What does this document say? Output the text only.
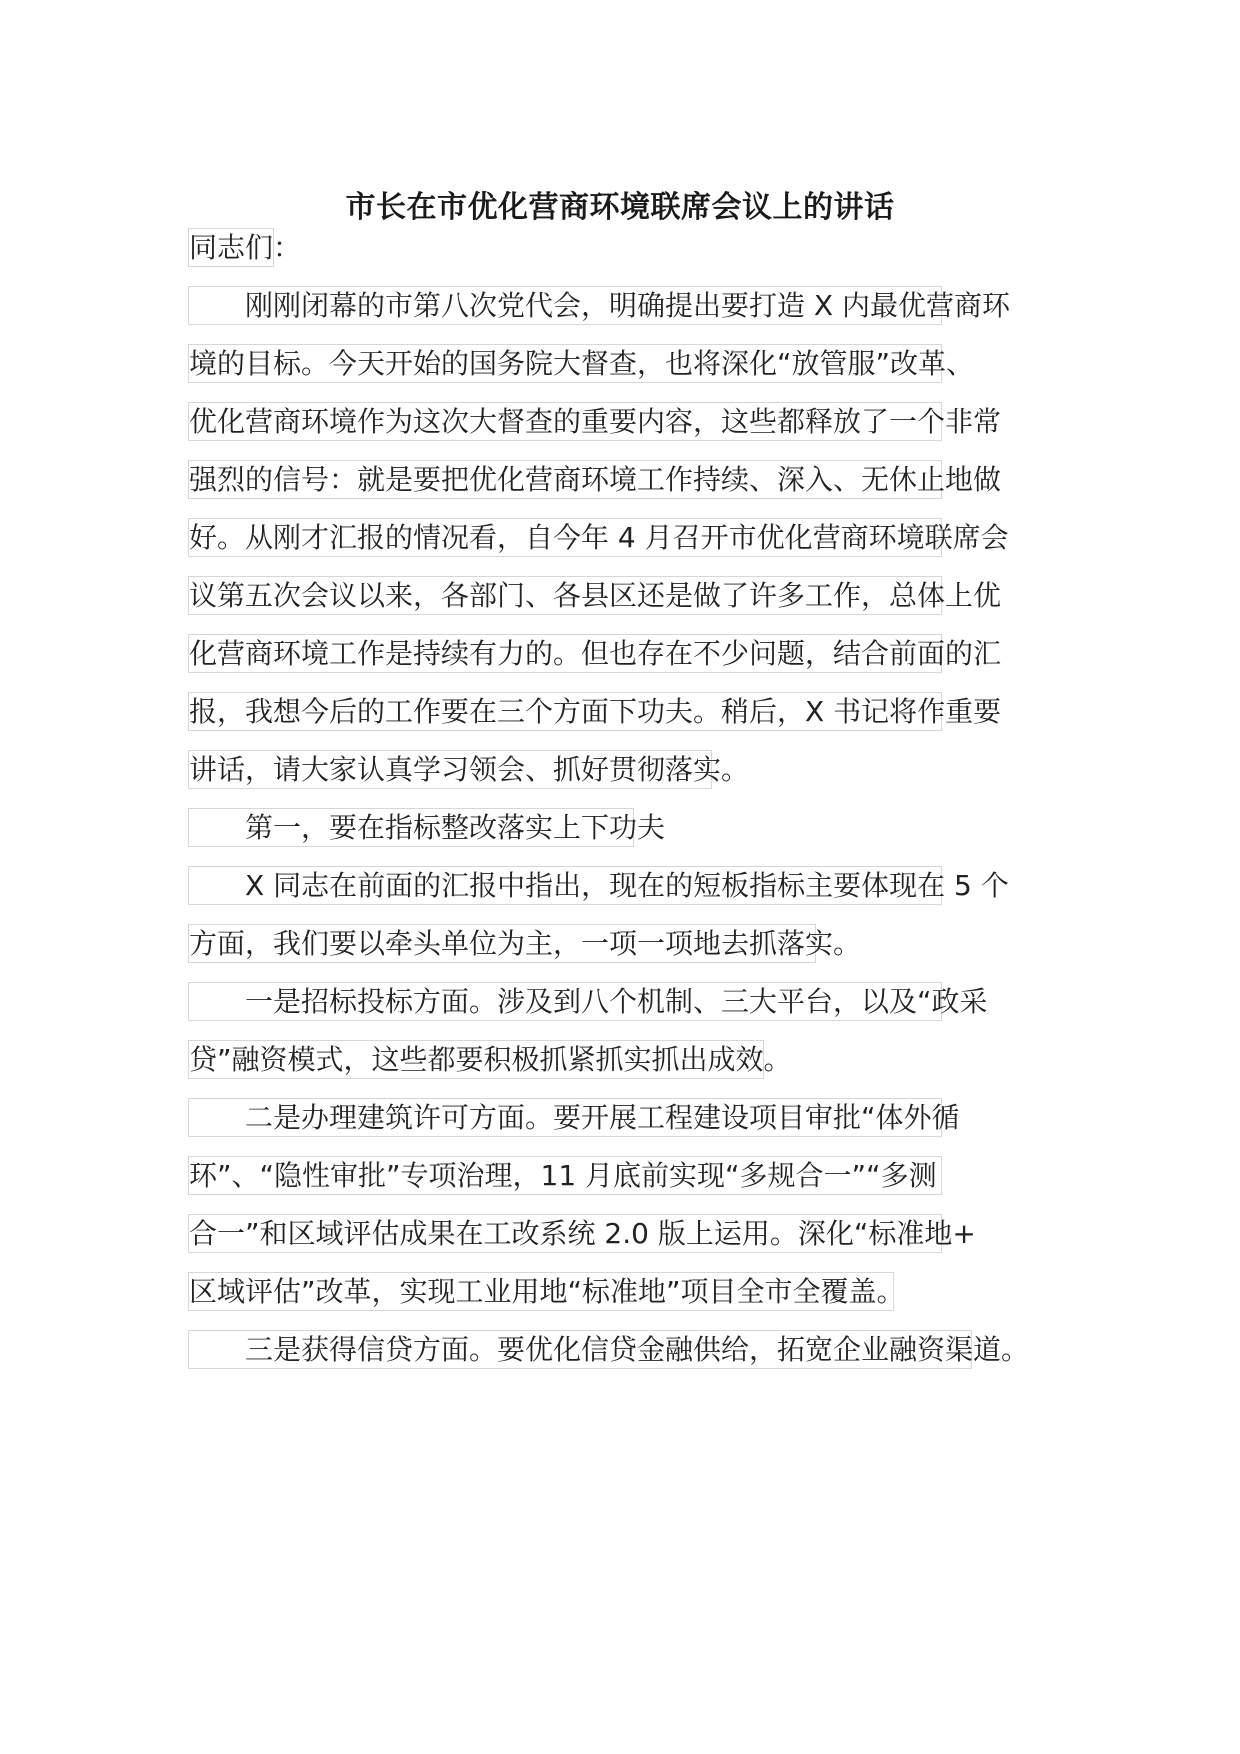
市长在市优化营商环境联席会议上的讲话
同志们：
刚刚闭幕的市第八次党代会，明确提出要打造 X 内最优营商环
境的目标。今天开始的国务院大督查，也将深化“放管服”改革、
优化营商环境作为这次大督查的重要内容，这些都释放了一个非常
强烈的信号：就是要把优化营商环境工作持续、深入、无休止地做
好。从刚才汇报的情况看，自今年 4 月召开市优化营商环境联席会
议第五次会议以来，各部门、各县区还是做了许多工作，总体上优
化营商环境工作是持续有力的。但也存在不少问题，结合前面的汇
报，我想今后的工作要在三个方面下功夫。稍后，X 书记将作重要
讲话，请大家认真学习领会、抓好贯彻落实。
第一，要在指标整改落实上下功夫
X 同志在前面的汇报中指出，现在的短板指标主要体现在 5 个
方面，我们要以牵头单位为主，一项一项地去抓落实。
一是招标投标方面。涉及到八个机制、三大平台，以及“政采
贷”融资模式，这些都要积极抓紧抓实抓出成效。
二是办理建筑许可方面。要开展工程建设项目审批“体外循
环”、“隐性审批”专项治理，11 月底前实现“多规合一”“多测
合一”和区域评估成果在工改系统 2.0 版上运用。深化“标准地+
区域评估”改革，实现工业用地“标准地”项目全市全覆盖。
三是获得信贷方面。要优化信贷金融供给，拓宽企业融资渠道。
